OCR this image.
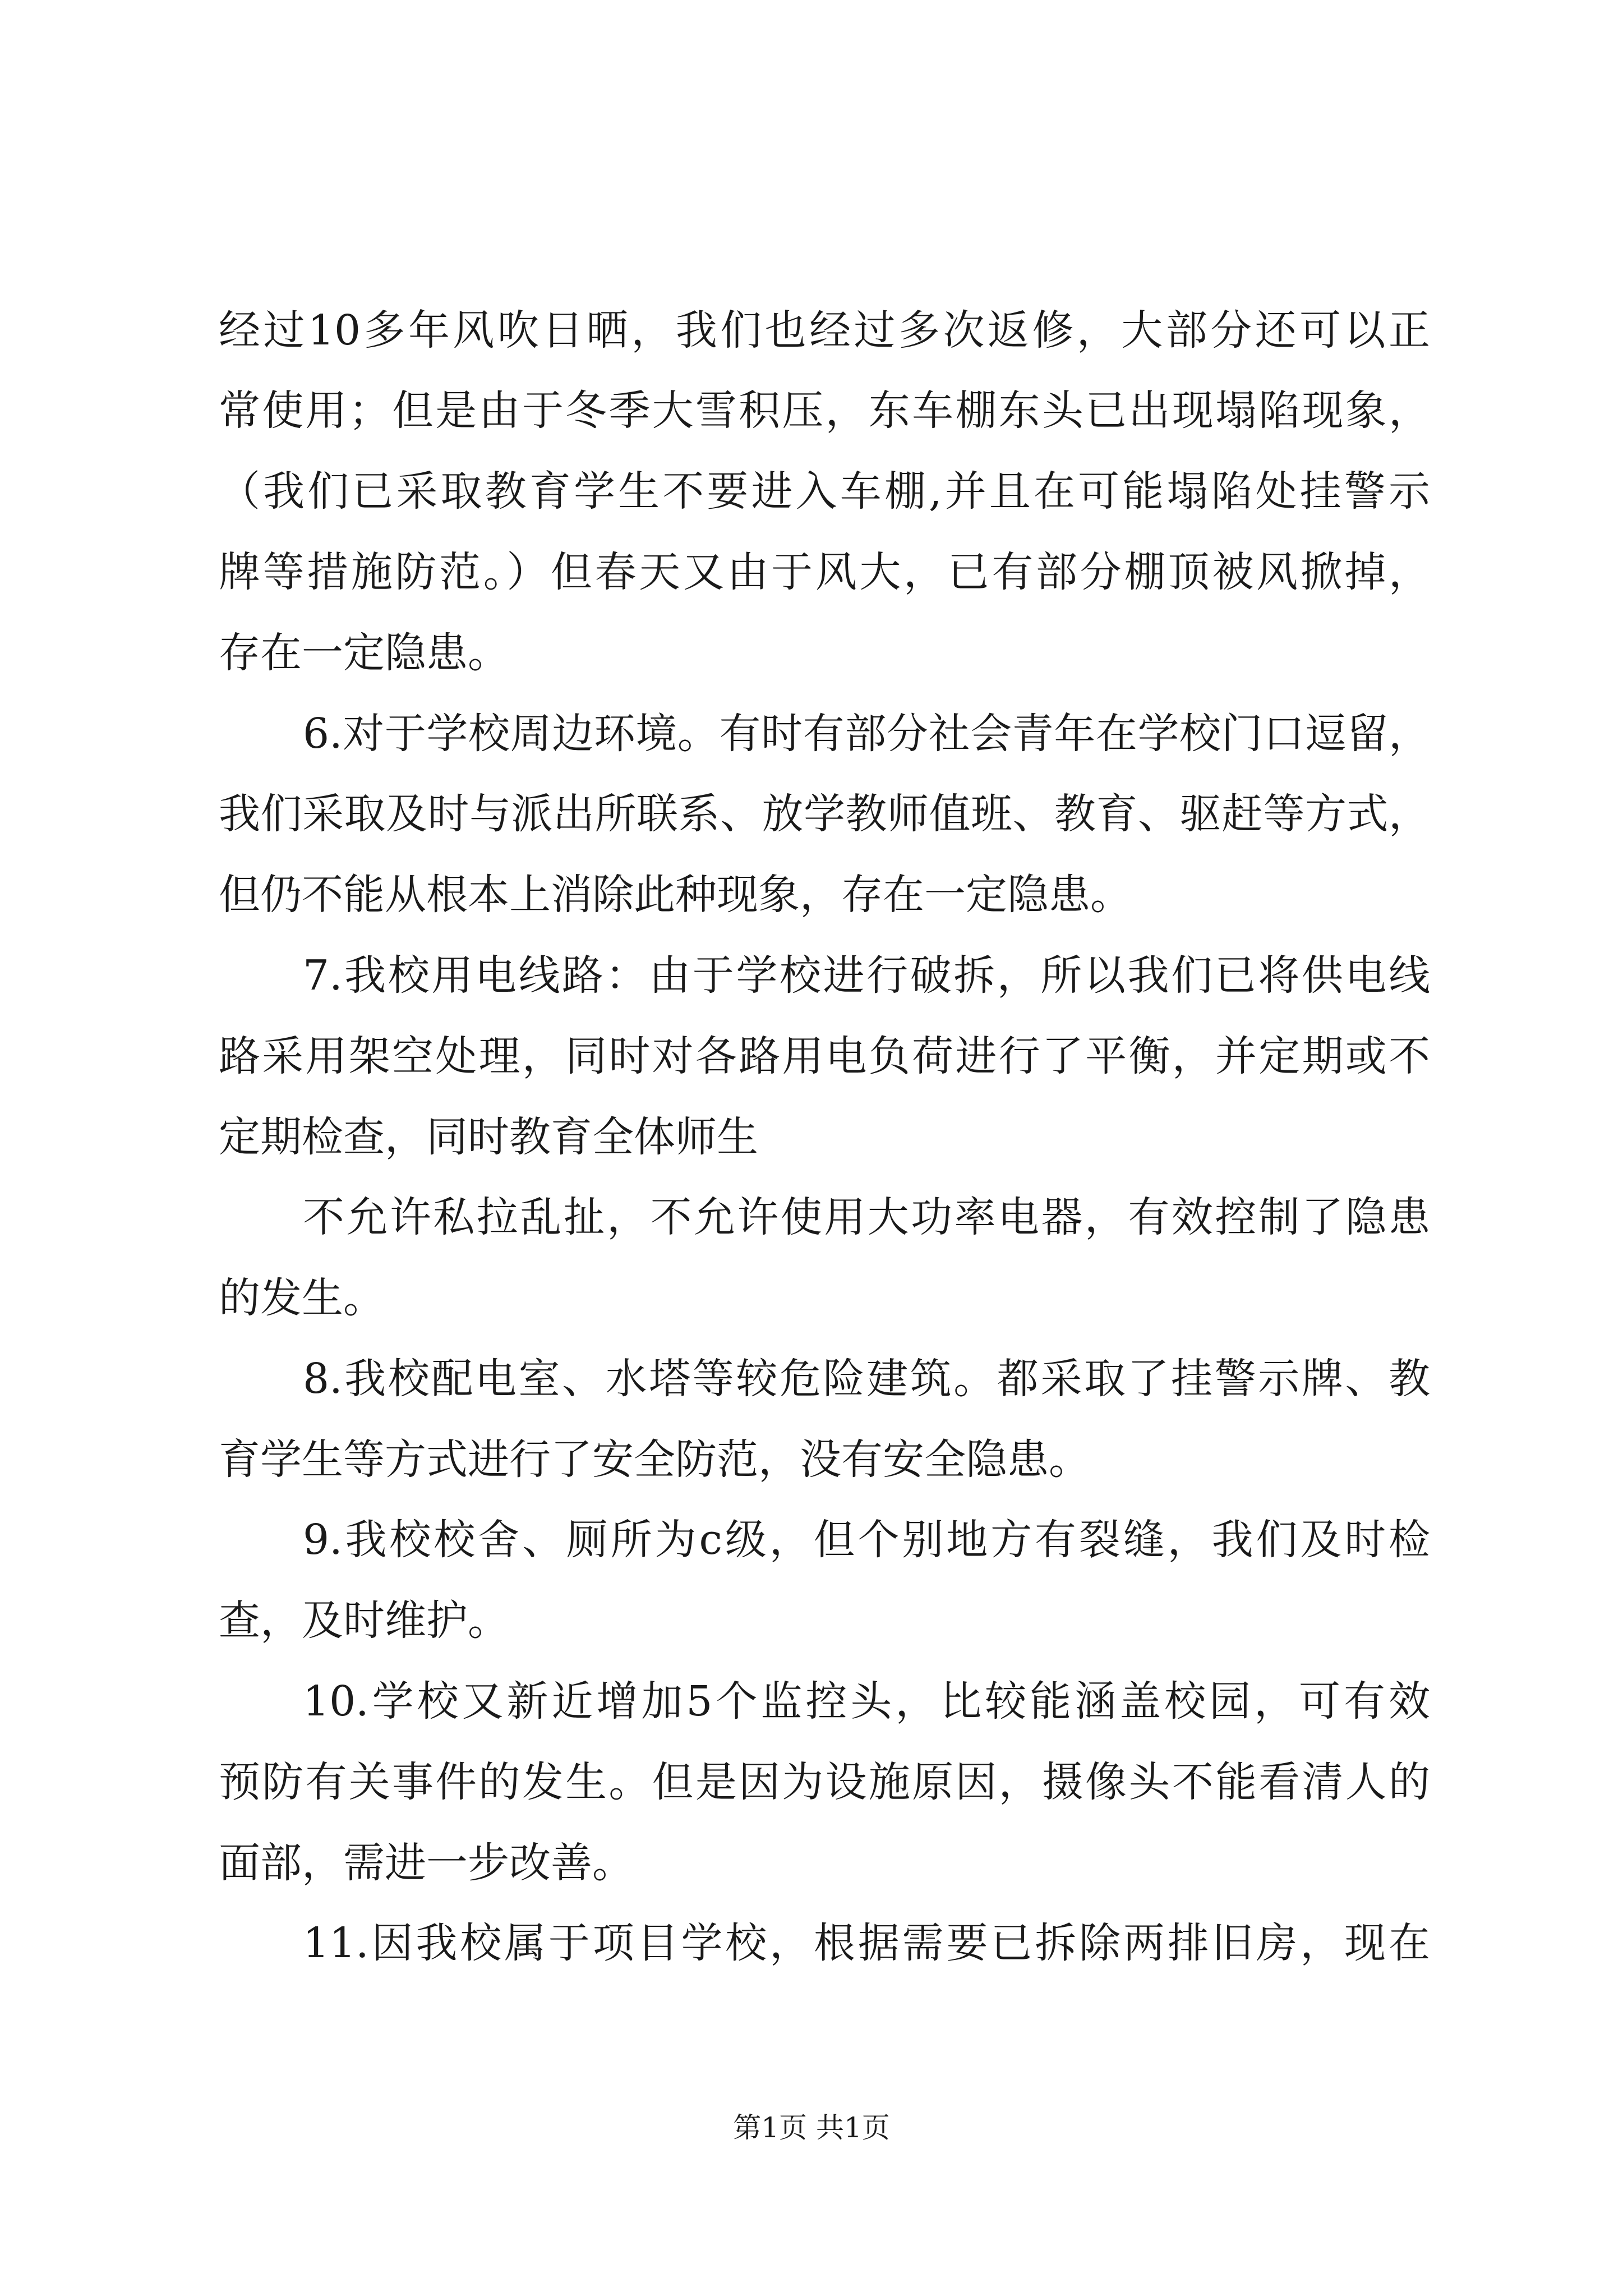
经过10多年风吹日晒，我们也经过多次返修，大部分还可以正
常使用；但是由于冬季大雪积压，东车棚东头已出现塌陷现象，
（我们已采取教育学生不要进入车棚,并且在可能塌陷处挂警示
牌等措施防范。）但春天又由于风大，已有部分棚顶被风掀掉，
存在一定隐患。
6.对于学校周边环境。有时有部分社会青年在学校门口逗留，
我们采取及时与派出所联系、放学教师值班、教育、驱赶等方式，
但仍不能从根本上消除此种现象，存在一定隐患。
7.我校用电线路：由于学校进行破拆，所以我们已将供电线
路采用架空处理，同时对各路用电负荷进行了平衡，并定期或不
定期检查，同时教育全体师生
不允许私拉乱扯，不允许使用大功率电器，有效控制了隐患
的发生。
8.我校配电室、水塔等较危险建筑。都采取了挂警示牌、教
育学生等方式进行了安全防范，没有安全隐患。
9.我校校舍、厕所为c级，但个别地方有裂缝，我们及时检
查，及时维护。
10.学校又新近增加5个监控头，比较能涵盖校园，可有效
预防有关事件的发生。但是因为设施原因，摄像头不能看清人的
面部，需进一步改善。
11.因我校属于项目学校，根据需要已拆除两排旧房，现在
第1页 共1页
